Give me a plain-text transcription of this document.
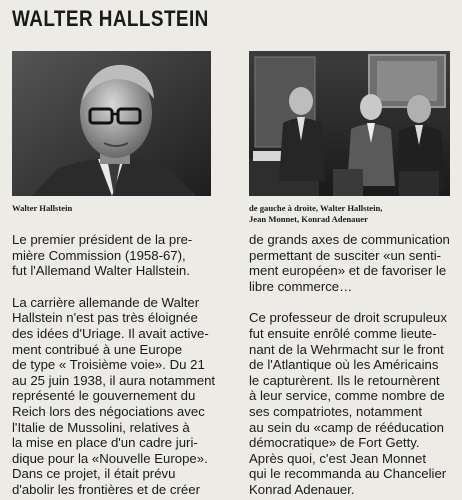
WALTER HALLSTEIN
Walter Hallstein	de gauche à droite, Walter Hallstein,
Jean Monnet, Konrad Adenauer

Le premier président de la pre-
mière Commission (1958-67),
fut l'Allemand Walter Hallstein.

La carrière allemande de Walter
Hallstein n'est pas très éloignée
des idées d'Uriage. Il avait active-
ment contribué à une Europe
de type « Troisième voie». Du 21
au 25 juin 1938, il aura notamment
représenté le gouvernement du
Reich lors des négociations avec
l'Italie de Mussolini, relatives à
la mise en place d'un cadre juri-
dique pour la «Nouvelle Europe».
Dans ce projet, il était prévu
d'abolir les frontières et de créer

de grands axes de communication
permettant de susciter «un senti-
ment européen» et de favoriser le
libre commerce…

Ce professeur de droit scrupuleux
fut ensuite enrôlé comme lieute-
nant de la Wehrmacht sur le front
de l'Atlantique où les Américains
le capturèrent. Ils le retournèrent
à leur service, comme nombre de
ses compatriotes, notamment
au sein du «camp de rééducation
démocratique» de Fort Getty.
Après quoi, c'est Jean Monnet
qui le recommanda au Chancelier
Konrad Adenauer.
